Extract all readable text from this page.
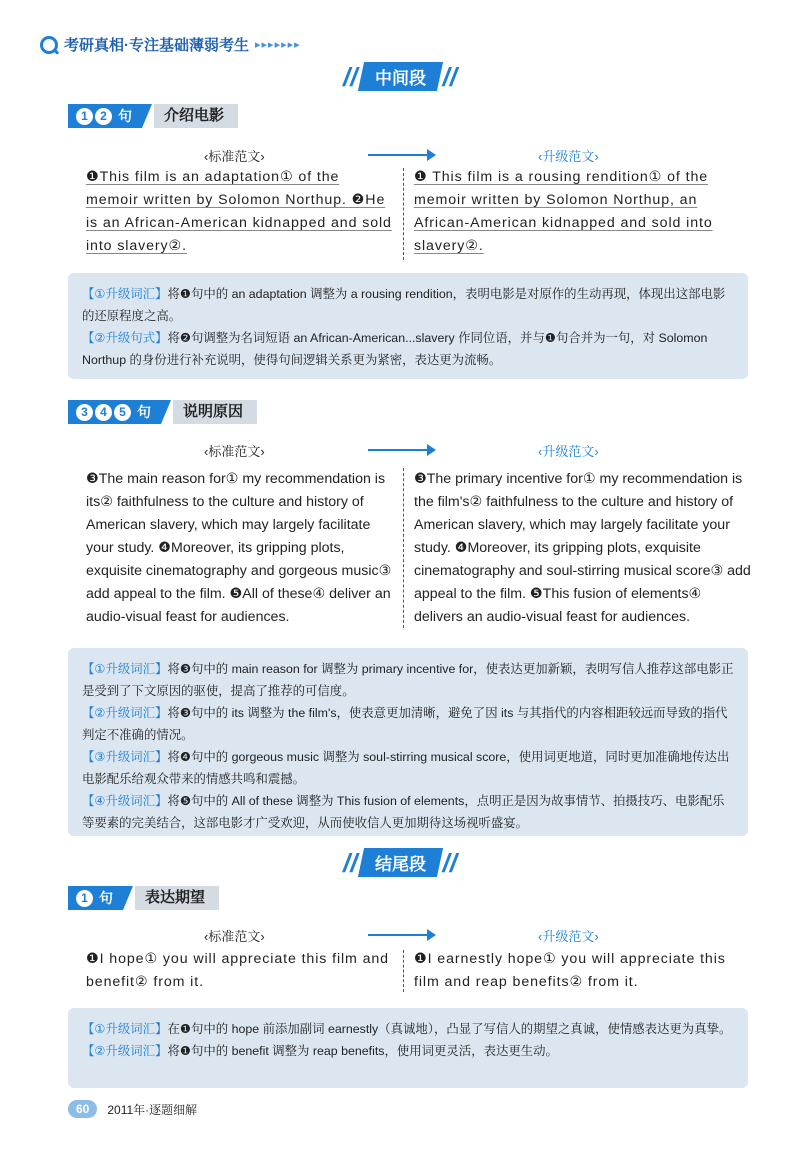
考研真相·专注基础薄弱考生 ▸▸▸▸▸▸▸
//	中间段 //
1	2 句	介绍电影
‹标准范文›	‹升级范文›
❶This film is an adaptation① of the memoir written by Solomon Northup. ❷He is an African-American kidnapped and sold into slavery②.
❶ This film is a rousing rendition① of the memoir written by Solomon Northup, an African-American kidnapped and sold into slavery②.

【①升级词汇】将❶句中的 an adaptation 调整为 a rousing rendition，表明电影是对原作的生动再现，体现出这部电影的还原程度之高。

【②升级句式】将❷句调整为名词短语 an African-American...slavery 作同位语，并与❶句合并为一句，对 Solomon Northup 的身份进行补充说明，使得句间逻辑关系更为紧密，表达更为流畅。

3	4	5 句	说明原因
‹标准范文›	‹升级范文›
❸The main reason for① my recommendation is its② faithfulness to the culture and history of American slavery, which may largely facilitate your study. ❹Moreover, its gripping plots, exquisite cinematography and gorgeous music③ add appeal to the film. ❺All of these④ deliver an audio-visual feast for audiences.
❸The primary incentive for① my recommendation is the film's② faithfulness to the culture and history of American slavery, which may largely facilitate your study. ❹Moreover, its gripping plots, exquisite cinematography and soul-stirring musical score③ add appeal to the film. ❺This fusion of elements④ delivers an audio-visual feast for audiences.

【①升级词汇】将❸句中的 main reason for 调整为 primary incentive for，使表达更加新颖，表明写信人推荐这部电影正是受到了下文原因的驱使，提高了推荐的可信度。

【②升级词汇】将❸句中的 its 调整为 the film's，使表意更加清晰，避免了因 its 与其指代的内容相距较远而导致的指代判定不准确的情况。

【③升级词汇】将❹句中的 gorgeous music 调整为 soul-stirring musical score，使用词更地道，同时更加准确地传达出电影配乐给观众带来的情感共鸣和震撼。

【④升级词汇】将❺句中的 All of these 调整为 This fusion of elements，点明正是因为故事情节、拍摄技巧、电影配乐等要素的完美结合，这部电影才广受欢迎，从而使收信人更加期待这场视听盛宴。

//	结尾段 //
1 句	表达期望
‹标准范文›	‹升级范文›
❶I hope① you will appreciate this film and benefit② from it.
❶I earnestly hope① you will appreciate this film and reap benefits② from it.

【①升级词汇】在❶句中的 hope 前添加副词 earnestly（真诚地），凸显了写信人的期望之真诚，使情感表达更为真挚。

【②升级词汇】将❶句中的 benefit 调整为 reap benefits，使用词更灵活，表达更生动。

60	2011年·逐题细解
